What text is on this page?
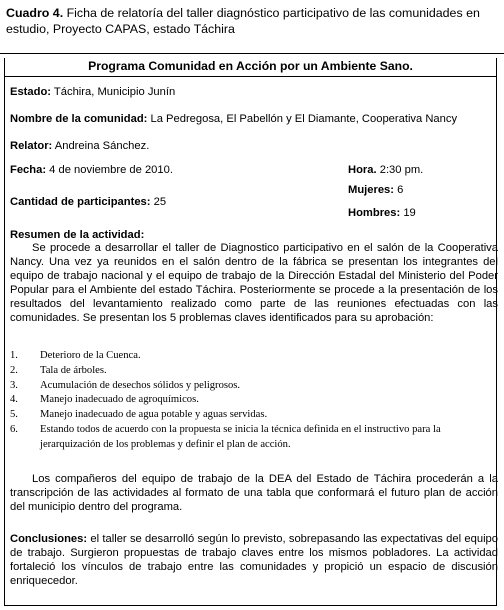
Cuadro 4. Ficha de relatoría del taller diagnóstico participativo de las comunidades en estudio, Proyecto CAPAS, estado Táchira
Programa Comunidad en Acción por un Ambiente Sano.
Estado: Táchira, Municipio Junín
Nombre de la comunidad: La Pedregosa, El Pabellón y El Diamante, Cooperativa Nancy
Relator: Andreina Sánchez.
Fecha: 4 de noviembre de 2010.	Hora. 2:30 pm.
Mujeres: 6
Cantidad de participantes: 25
Hombres: 19
Resumen de la actividad:
Se procede a desarrollar el taller de Diagnostico participativo en el salón de la Cooperativa Nancy. Una vez ya reunidos en el salón dentro de la fábrica se presentan los integrantes del equipo de trabajo nacional y el equipo de trabajo de la Dirección Estadal del Ministerio del Poder Popular para el Ambiente del estado Táchira. Posteriormente se procede a la presentación de los resultados del levantamiento realizado como parte de las reuniones efectuadas con las comunidades. Se presentan los 5 problemas claves identificados para su aprobación:
1.	Deterioro de la Cuenca.
2.	Tala de árboles.
3.	Acumulación de desechos sólidos y peligrosos.
4.	Manejo inadecuado de agroquímicos.
5.	Manejo inadecuado de agua potable y aguas servidas.
6.	Estando todos de acuerdo con la propuesta se inicia la técnica definida en el instructivo para la jerarquización de los problemas y definir el plan de acción.
Los compañeros del equipo de trabajo de la DEA del Estado de Táchira procederán a la transcripción de las actividades al formato de una tabla que conformará el futuro plan de acción del municipio dentro del programa.
Conclusiones: el taller se desarrolló según lo previsto, sobrepasando las expectativas del equipo de trabajo. Surgieron propuestas de trabajo claves entre los mismos pobladores. La actividad fortaleció los vínculos de trabajo entre las comunidades y propició un espacio de discusión enriquecedor.
